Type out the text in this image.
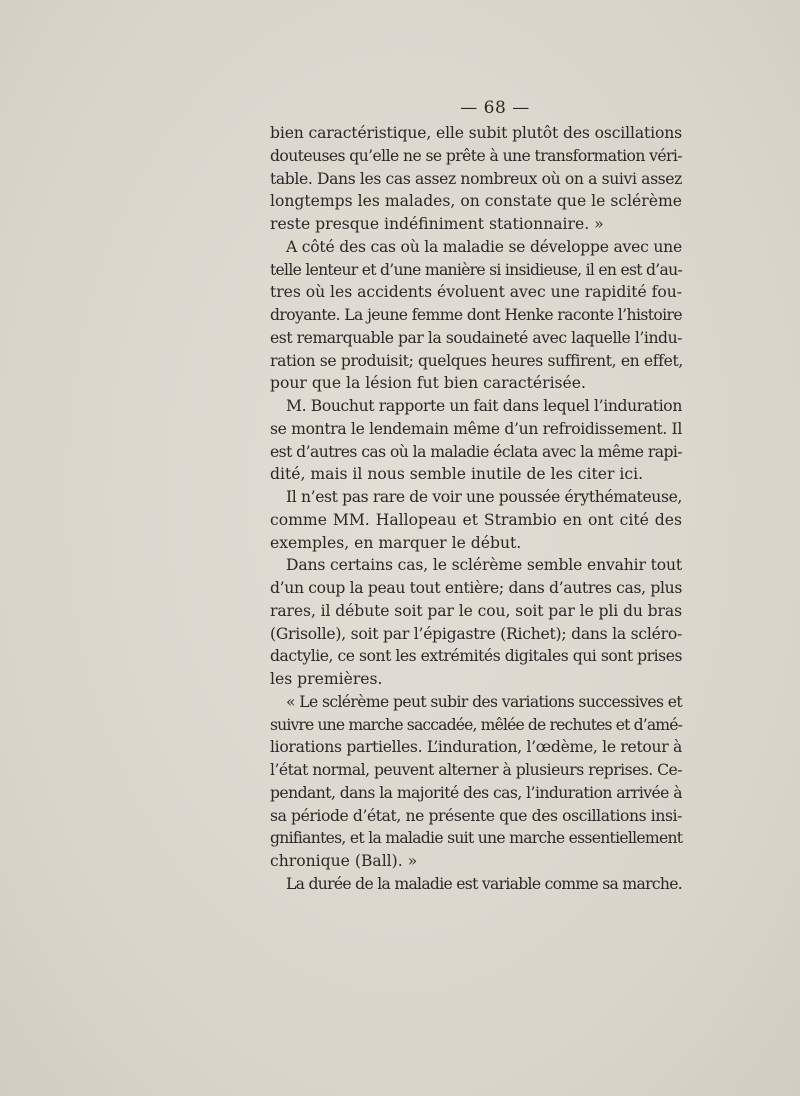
— 68 —
bien caractéristique, elle subit plutôt des oscillations
douteuses qu’elle ne se prête à une transformation véri-
table. Dans les cas assez nombreux où on a suivi assez
longtemps les malades, on constate que le sclérème
reste presque indéfiniment stationnaire. »
A côté des cas où la maladie se développe avec une
telle lenteur et d’une manière si insidieuse, il en est d’au-
tres où les accidents évoluent avec une rapidité fou-
droyante. La jeune femme dont Henke raconte l’histoire
est remarquable par la soudaineté avec laquelle l’indu-
ration se produisit; quelques heures suffirent, en effet,
pour que la lésion fut bien caractérisée.
M. Bouchut rapporte un fait dans lequel l’induration
se montra le lendemain même d’un refroidissement. Il
est d’autres cas où la maladie éclata avec la même rapi-
dité, mais il nous semble inutile de les citer ici.
Il n’est pas rare de voir une poussée érythémateuse,
comme MM. Hallopeau et Strambio en ont cité des
exemples, en marquer le début.
Dans certains cas, le sclérème semble envahir tout
d’un coup la peau tout entière; dans d’autres cas, plus
rares, il débute soit par le cou, soit par le pli du bras
(Grisolle), soit par l’épigastre (Richet); dans la scléro-
dactylie, ce sont les extrémités digitales qui sont prises
les premières.
« Le sclérème peut subir des variations successives et
suivre une marche saccadée, mêlée de rechutes et d’amé-
liorations partielles. L’induration, l’œdème, le retour à
l’état normal, peuvent alterner à plusieurs reprises. Ce-
pendant, dans la majorité des cas, l’induration arrivée à
sa période d’état, ne présente que des oscillations insi-
gnifiantes, et la maladie suit une marche essentiellement
chronique (Ball). »
La durée de la maladie est variable comme sa marche.
